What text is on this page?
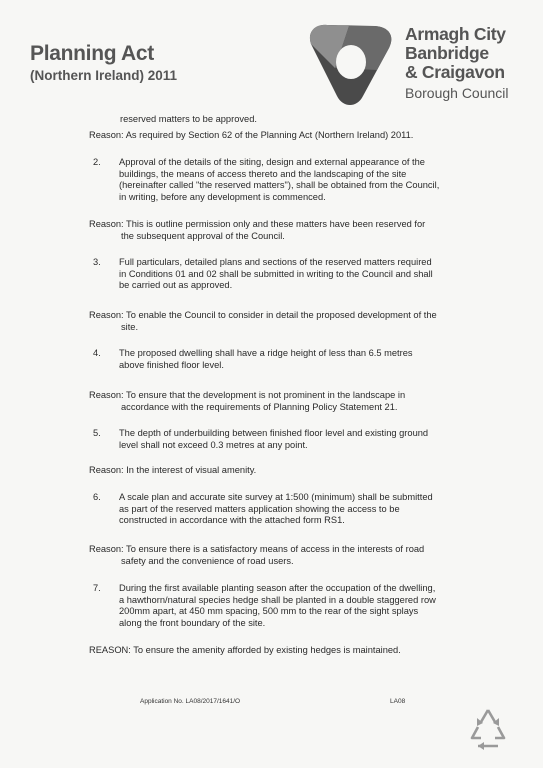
Planning Act
(Northern Ireland) 2011
Armagh City
Banbridge
& Craigavon
Borough Council
reserved matters to be approved.
Reason: As required by Section 62 of the Planning Act (Northern Ireland) 2011.
2. Approval of the details of the siting, design and external appearance of the
buildings, the means of access thereto and the landscaping of the site
(hereinafter called "the reserved matters"), shall be obtained from the Council,
in writing, before any development is commenced.
Reason: This is outline permission only and these matters have been reserved for
the subsequent approval of the Council.
3. Full particulars, detailed plans and sections of the reserved matters required
in Conditions 01 and 02 shall be submitted in writing to the Council and shall
be carried out as approved.
Reason: To enable the Council to consider in detail the proposed development of the
site.
4. The proposed dwelling shall have a ridge height of less than 6.5 metres
above finished floor level.
Reason: To ensure that the development is not prominent in the landscape in
accordance with the requirements of Planning Policy Statement 21.
5. The depth of underbuilding between finished floor level and existing ground
level shall not exceed 0.3 metres at any point.
Reason: In the interest of visual amenity.
6. A scale plan and accurate site survey at 1:500 (minimum) shall be submitted
as part of the reserved matters application showing the access to be
constructed in accordance with the attached form RS1.
Reason: To ensure there is a satisfactory means of access in the interests of road
safety and the convenience of road users.
7. During the first available planting season after the occupation of the dwelling,
a hawthorn/natural species hedge shall be planted in a double staggered row
200mm apart, at 450 mm spacing, 500 mm to the rear of the sight splays
along the front boundary of the site.
REASON: To ensure the amenity afforded by existing hedges is maintained.
Application No. LA08/2017/1641/O	LA08
